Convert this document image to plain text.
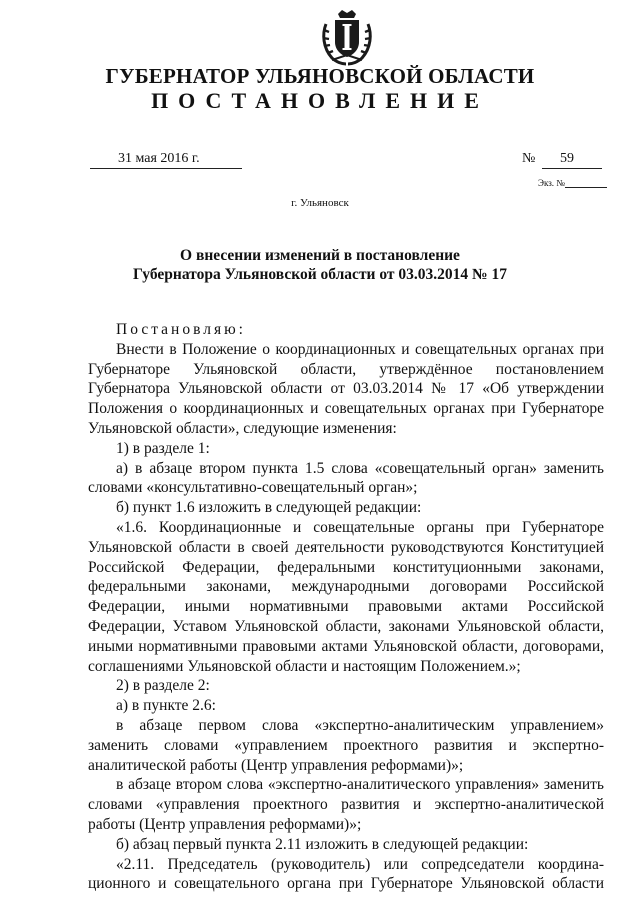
ГУБЕРНАТОР УЛЬЯНОВСКОЙ ОБЛАСТИ
ПОСТАНОВЛЕНИЕ
31 мая 2016 г.	№ 59
Экз. №
г. Ульяновск
О внесении изменений в постановление
Губернатора Ульяновской области от 03.03.2014 № 17

Постановляю:

Внести в Положение о координационных и совещательных органах при Губернаторе Ульяновской области, утверждённое постановлением Губернатора Ульяновской области от 03.03.2014 № 17 «Об утверждении Положения о координационных и совещательных органах при Губернаторе Ульяновской области», следующие изменения:

1) в разделе 1:

а) в абзаце втором пункта 1.5 слова «совещательный орган» заменить словами «консультативно-совещательный орган»;

б) пункт 1.6 изложить в следующей редакции:

«1.6. Координационные и совещательные органы при Губернаторе Ульяновской области в своей деятельности руководствуются Конституцией Российской Федерации, федеральными конституционными законами, федеральными законами, международными договорами Российской Федерации, иными нормативными правовыми актами Российской Федерации, Уставом Ульяновской области, законами Ульяновской области, иными нормативными правовыми актами Ульяновской области, договорами, соглашениями Ульяновской области и настоящим Положением.»;

2) в разделе 2:

а) в пункте 2.6:

в абзаце первом слова «экспертно-аналитическим управлением» заменить словами «управлением проектного развития и экспертно-аналитической работы (Центр управления реформами)»;

в абзаце втором слова «экспертно-аналитического управления» заменить словами «управления проектного развития и экспертно-аналитической работы (Центр управления реформами)»;

б) абзац первый пункта 2.11 изложить в следующей редакции:

«2.11. Председатель (руководитель) или сопредседатели координа-

ционного и совещательного органа при Губернаторе Ульяновской области
